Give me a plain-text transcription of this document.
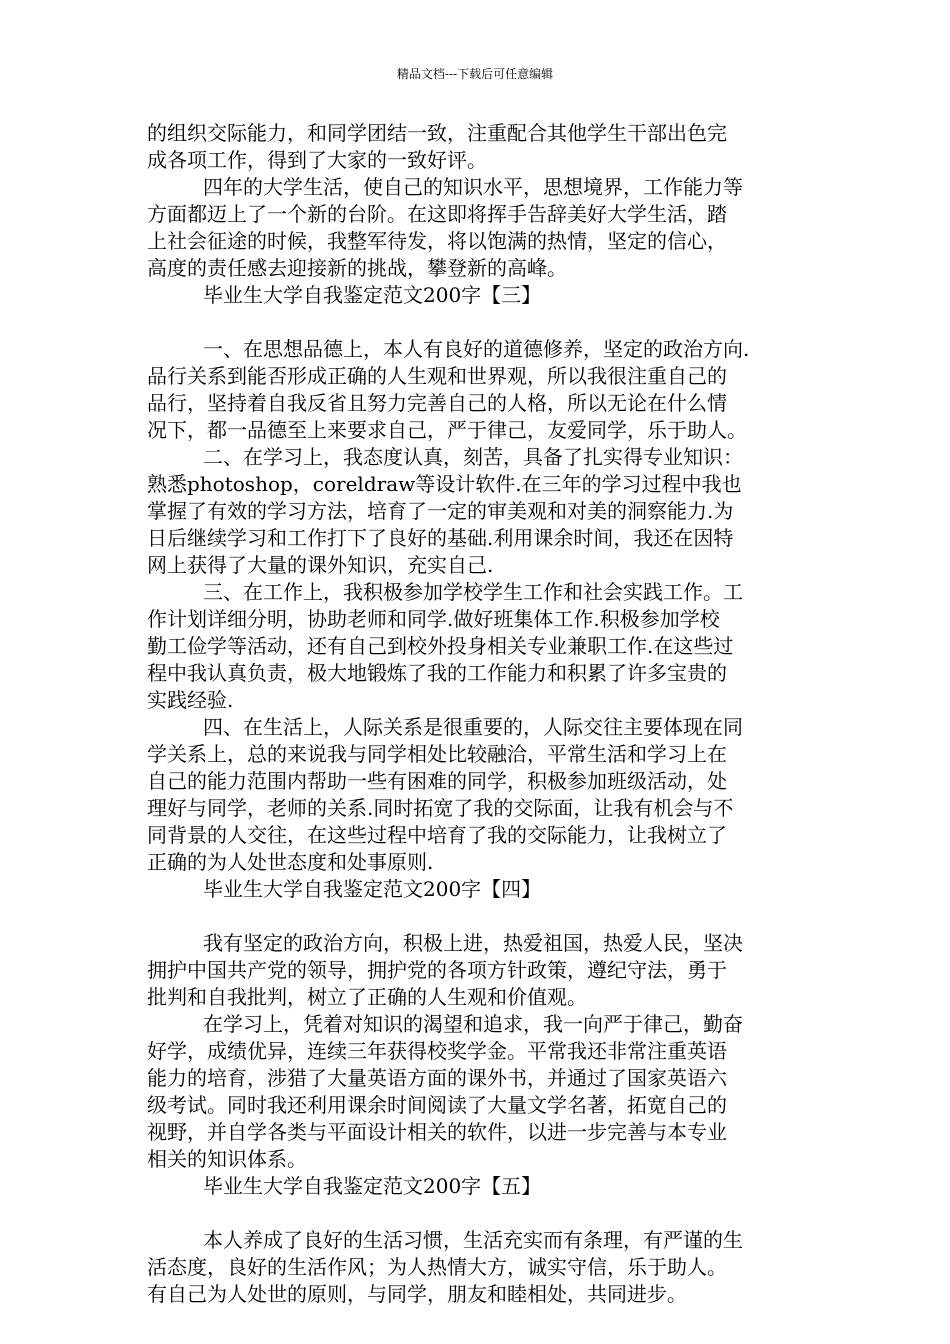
精品文档---下载后可任意编辑
的组织交际能力，和同学团结一致，注重配合其他学生干部出色完
成各项工作，得到了大家的一致好评。
四年的大学生活，使自己的知识水平，思想境界，工作能力等
方面都迈上了一个新的台阶。在这即将挥手告辞美好大学生活，踏
上社会征途的时候，我整军待发，将以饱满的热情，坚定的信心，
高度的责任感去迎接新的挑战，攀登新的高峰。
毕业生大学自我鉴定范文200字【三】
一、在思想品德上，本人有良好的道德修养，坚定的政治方向.
品行关系到能否形成正确的人生观和世界观，所以我很注重自己的
品行，坚持着自我反省且努力完善自己的人格，所以无论在什么情
况下，都一品德至上来要求自己，严于律己，友爱同学，乐于助人。
二、在学习上，我态度认真，刻苦，具备了扎实得专业知识：
熟悉photoshop，coreldraw等设计软件.在三年的学习过程中我也
掌握了有效的学习方法，培育了一定的审美观和对美的洞察能力.为
日后继续学习和工作打下了良好的基础.利用课余时间，我还在因特
网上获得了大量的课外知识，充实自己.
三、在工作上，我积极参加学校学生工作和社会实践工作。工
作计划详细分明，协助老师和同学.做好班集体工作.积极参加学校
勤工俭学等活动，还有自己到校外投身相关专业兼职工作.在这些过
程中我认真负责，极大地锻炼了我的工作能力和积累了许多宝贵的
实践经验.
四、在生活上，人际关系是很重要的，人际交往主要体现在同
学关系上，总的来说我与同学相处比较融洽，平常生活和学习上在
自己的能力范围内帮助一些有困难的同学，积极参加班级活动，处
理好与同学，老师的关系.同时拓宽了我的交际面，让我有机会与不
同背景的人交往，在这些过程中培育了我的交际能力，让我树立了
正确的为人处世态度和处事原则.
毕业生大学自我鉴定范文200字【四】
我有坚定的政治方向，积极上进，热爱祖国，热爱人民，坚决
拥护中国共产党的领导，拥护党的各项方针政策，遵纪守法，勇于
批判和自我批判，树立了正确的人生观和价值观。
在学习上，凭着对知识的渴望和追求，我一向严于律己，勤奋
好学，成绩优异，连续三年获得校奖学金。平常我还非常注重英语
能力的培育，涉猎了大量英语方面的课外书，并通过了国家英语六
级考试。同时我还利用课余时间阅读了大量文学名著，拓宽自己的
视野，并自学各类与平面设计相关的软件，以进一步完善与本专业
相关的知识体系。
毕业生大学自我鉴定范文200字【五】
本人养成了良好的生活习惯，生活充实而有条理，有严谨的生
活态度，良好的生活作风；为人热情大方，诚实守信，乐于助人。
有自己为人处世的原则，与同学，朋友和睦相处，共同进步。
